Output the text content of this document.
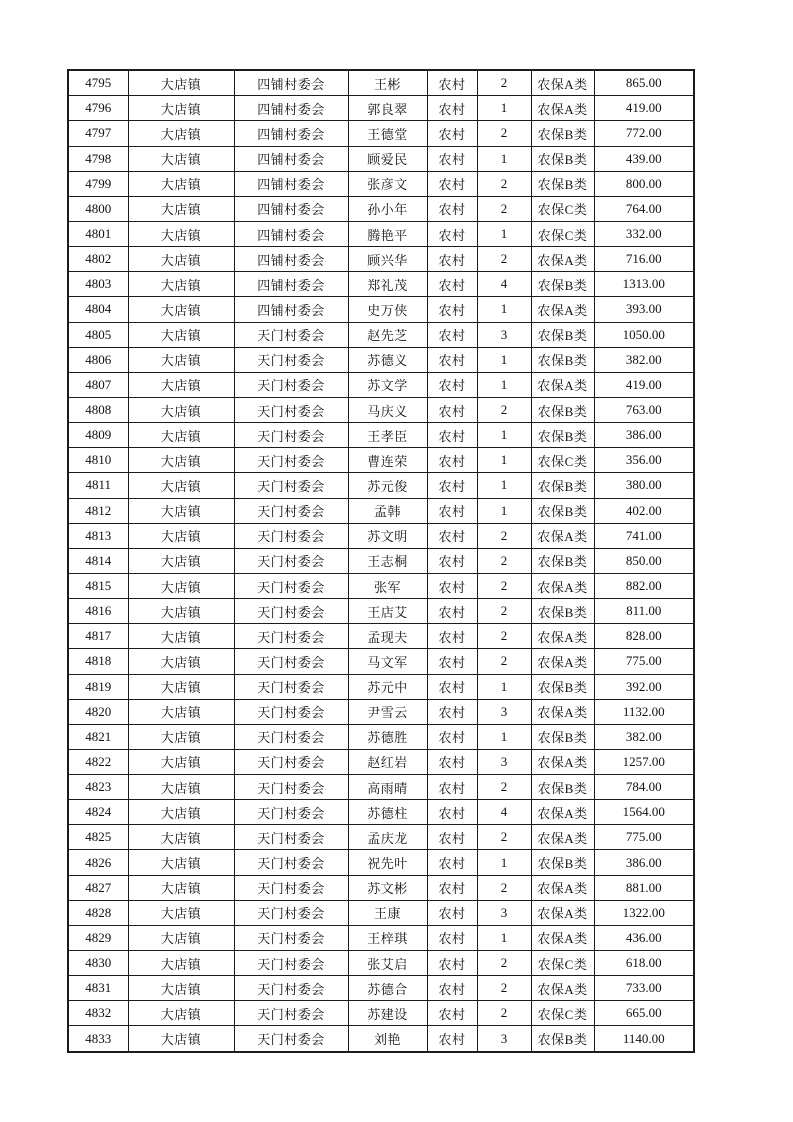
4795	大店镇	四铺村委会	王彬	农村	2	农保A类	865.00
4796	大店镇	四铺村委会	郭良翠	农村	1	农保A类	419.00
4797	大店镇	四铺村委会	王德堂	农村	2	农保B类	772.00
4798	大店镇	四铺村委会	顾爱民	农村	1	农保B类	439.00
4799	大店镇	四铺村委会	张彦文	农村	2	农保B类	800.00
4800	大店镇	四铺村委会	孙小年	农村	2	农保C类	764.00
4801	大店镇	四铺村委会	腾艳平	农村	1	农保C类	332.00
4802	大店镇	四铺村委会	顾兴华	农村	2	农保A类	716.00
4803	大店镇	四铺村委会	郑礼茂	农村	4	农保B类	1313.00
4804	大店镇	四铺村委会	史万侠	农村	1	农保A类	393.00
4805	大店镇	天门村委会	赵先芝	农村	3	农保B类	1050.00
4806	大店镇	天门村委会	苏德义	农村	1	农保B类	382.00
4807	大店镇	天门村委会	苏文学	农村	1	农保A类	419.00
4808	大店镇	天门村委会	马庆义	农村	2	农保B类	763.00
4809	大店镇	天门村委会	王孝臣	农村	1	农保B类	386.00
4810	大店镇	天门村委会	曹连荣	农村	1	农保C类	356.00
4811	大店镇	天门村委会	苏元俊	农村	1	农保B类	380.00
4812	大店镇	天门村委会	孟韩	农村	1	农保B类	402.00
4813	大店镇	天门村委会	苏文明	农村	2	农保A类	741.00
4814	大店镇	天门村委会	王志桐	农村	2	农保B类	850.00
4815	大店镇	天门村委会	张军	农村	2	农保A类	882.00
4816	大店镇	天门村委会	王店艾	农村	2	农保B类	811.00
4817	大店镇	天门村委会	孟现夫	农村	2	农保A类	828.00
4818	大店镇	天门村委会	马文军	农村	2	农保A类	775.00
4819	大店镇	天门村委会	苏元中	农村	1	农保B类	392.00
4820	大店镇	天门村委会	尹雪云	农村	3	农保A类	1132.00
4821	大店镇	天门村委会	苏德胜	农村	1	农保B类	382.00
4822	大店镇	天门村委会	赵红岩	农村	3	农保A类	1257.00
4823	大店镇	天门村委会	高雨晴	农村	2	农保B类	784.00
4824	大店镇	天门村委会	苏德柱	农村	4	农保A类	1564.00
4825	大店镇	天门村委会	孟庆龙	农村	2	农保A类	775.00
4826	大店镇	天门村委会	祝先叶	农村	1	农保B类	386.00
4827	大店镇	天门村委会	苏文彬	农村	2	农保A类	881.00
4828	大店镇	天门村委会	王康	农村	3	农保A类	1322.00
4829	大店镇	天门村委会	王梓琪	农村	1	农保A类	436.00
4830	大店镇	天门村委会	张艾启	农村	2	农保C类	618.00
4831	大店镇	天门村委会	苏德合	农村	2	农保A类	733.00
4832	大店镇	天门村委会	苏建设	农村	2	农保C类	665.00
4833	大店镇	天门村委会	刘艳	农村	3	农保B类	1140.00
